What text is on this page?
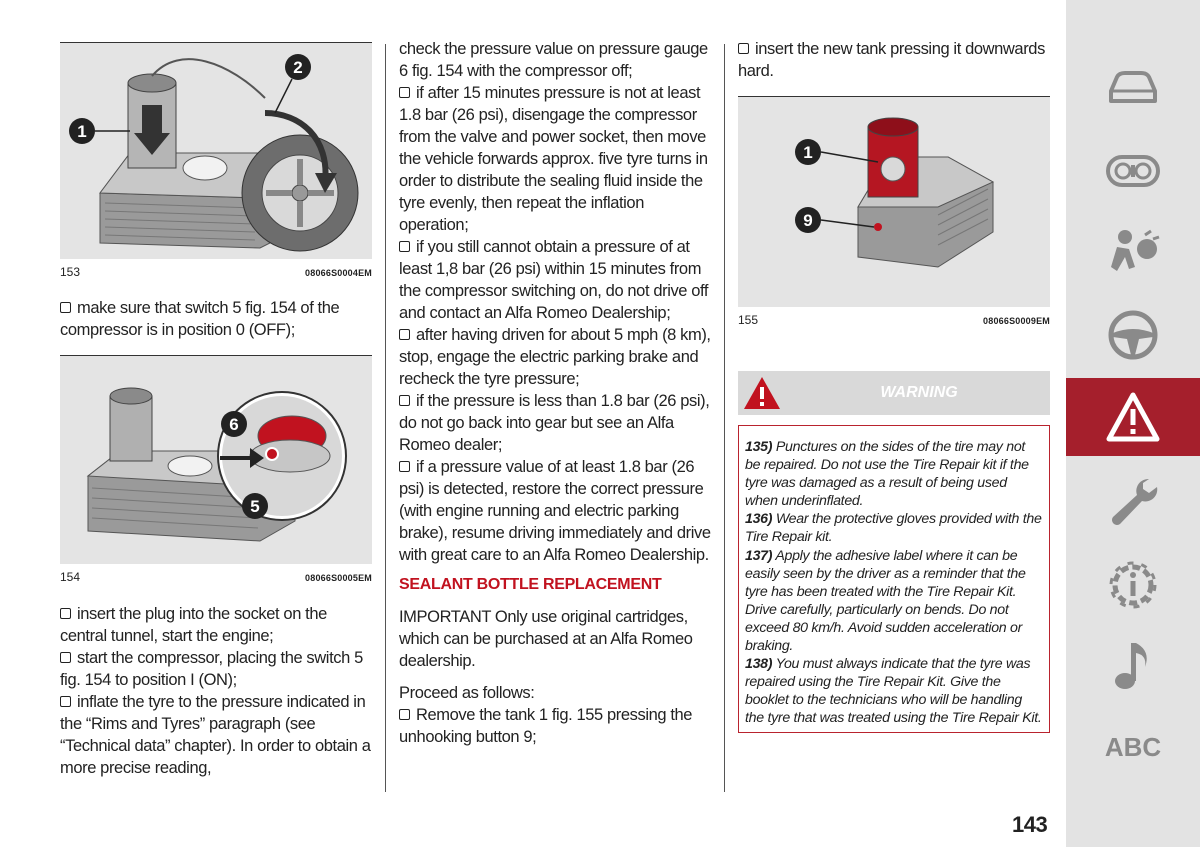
1
2
153	08066S0004EM

make sure that switch 5 fig. 154 of the compressor is in position 0 (OFF);

6
5
154	08066S0005EM

insert the plug into the socket on the central tunnel, start the engine;

start the compressor, placing the switch 5 fig. 154 to position I (ON);

inflate the tyre to the pressure indicated in the “Rims and Tyres” paragraph (see “Technical data” chapter). In order to obtain a more precise reading,

check the pressure value on pressure gauge 6 fig. 154 with the compressor off;

if after 15 minutes pressure is not at least 1.8 bar (26 psi), disengage the compressor from the valve and power socket, then move the vehicle forwards approx. five tyre turns in order to distribute the sealing fluid inside the tyre evenly, then repeat the inflation operation;

if you still cannot obtain a pressure of at least 1,8 bar (26 psi) within 15 minutes from the compressor switching on, do not drive off and contact an Alfa Romeo Dealership;

after having driven for about 5 mph (8 km), stop, engage the electric parking brake and recheck the tyre pressure;

if the pressure is less than 1.8 bar (26 psi), do not go back into gear but see an Alfa Romeo dealer;

if a pressure value of at least 1.8 bar (26 psi) is detected, restore the correct pressure (with engine running and electric parking brake), resume driving immediately and drive with great care to an Alfa Romeo Dealership.

SEALANT BOTTLE REPLACEMENT

IMPORTANT Only use original cartridges, which can be purchased at an Alfa Romeo dealership.

Proceed as follows:

Remove the tank 1 fig. 155 pressing the unhooking button 9;

insert the new tank pressing it downwards hard.

1
9
155	08066S0009EM
WARNING
135) Punctures on the sides of the tire may not be repaired. Do not use the Tire Repair kit if the tyre was damaged as a result of being used when underinflated.
136) Wear the protective gloves provided with the Tire Repair kit.
137) Apply the adhesive label where it can be easily seen by the driver as a reminder that the tyre has been treated with the Tire Repair Kit. Drive carefully, particularly on bends. Do not exceed 80 km/h. Avoid sudden acceleration or braking.
138) You must always indicate that the tyre was repaired using the Tire Repair Kit. Give the booklet to the technicians who will be handling the tyre that was treated using the Tire Repair Kit.
ABC
143
